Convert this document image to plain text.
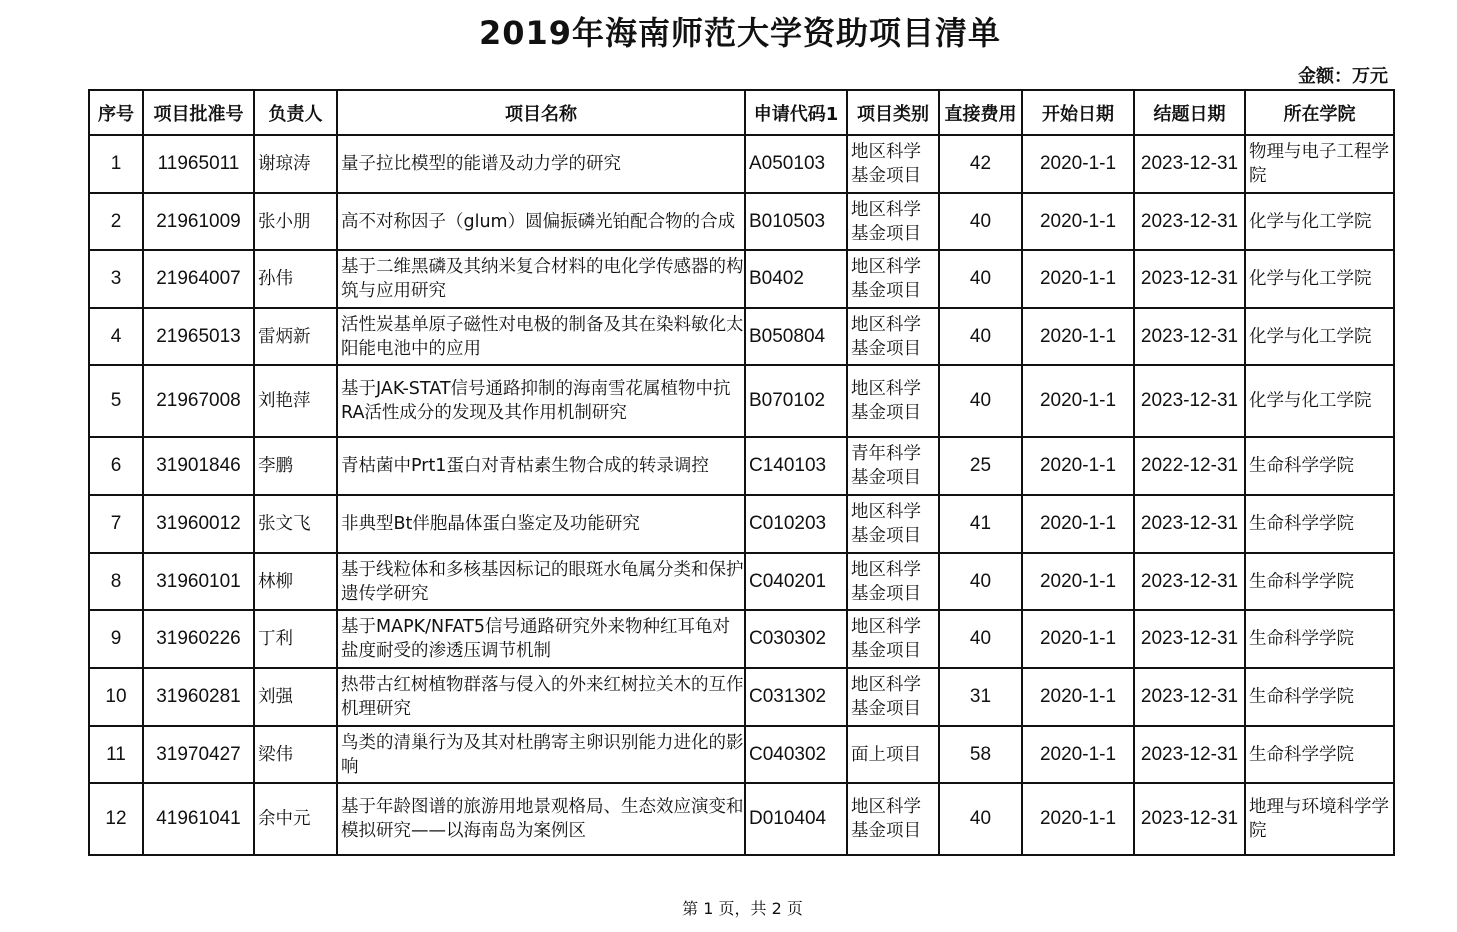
2019年海南师范大学资助项目清单
金额：万元
序号	项目批准号	负责人	项目名称	申请代码1	项目类别	直接费用	开始日期	结题日期	所在学院
1	11965011	谢琼涛	量子拉比模型的能谱及动力学的研究	A050103	地区科学基金项目	42	2020-1-1	2023-12-31	物理与电子工程学院
2	21961009	张小朋	高不对称因子（glum）圆偏振磷光铂配合物的合成	B010503	地区科学基金项目	40	2020-1-1	2023-12-31	化学与化工学院
3	21964007	孙伟	基于二维黑磷及其纳米复合材料的电化学传感器的构筑与应用研究	B0402	地区科学基金项目	40	2020-1-1	2023-12-31	化学与化工学院
4	21965013	雷炳新	活性炭基单原子磁性对电极的制备及其在染料敏化太阳能电池中的应用	B050804	地区科学基金项目	40	2020-1-1	2023-12-31	化学与化工学院
5	21967008	刘艳萍	基于JAK-STAT信号通路抑制的海南雪花属植物中抗RA活性成分的发现及其作用机制研究	B070102	地区科学基金项目	40	2020-1-1	2023-12-31	化学与化工学院
6	31901846	李鹏	青枯菌中Prt1蛋白对青枯素生物合成的转录调控	C140103	青年科学基金项目	25	2020-1-1	2022-12-31	生命科学学院
7	31960012	张文飞	非典型Bt伴胞晶体蛋白鉴定及功能研究	C010203	地区科学基金项目	41	2020-1-1	2023-12-31	生命科学学院
8	31960101	林柳	基于线粒体和多核基因标记的眼斑水龟属分类和保护遗传学研究	C040201	地区科学基金项目	40	2020-1-1	2023-12-31	生命科学学院
9	31960226	丁利	基于MAPK/NFAT5信号通路研究外来物种红耳龟对盐度耐受的渗透压调节机制	C030302	地区科学基金项目	40	2020-1-1	2023-12-31	生命科学学院
10	31960281	刘强	热带古红树植物群落与侵入的外来红树拉关木的互作机理研究	C031302	地区科学基金项目	31	2020-1-1	2023-12-31	生命科学学院
11	31970427	梁伟	鸟类的清巢行为及其对杜鹃寄主卵识别能力进化的影响	C040302	面上项目	58	2020-1-1	2023-12-31	生命科学学院
12	41961041	余中元	基于年龄图谱的旅游用地景观格局、生态效应演变和模拟研究——以海南岛为案例区	D010404	地区科学基金项目	40	2020-1-1	2023-12-31	地理与环境科学学院
第 1 页，共 2 页
